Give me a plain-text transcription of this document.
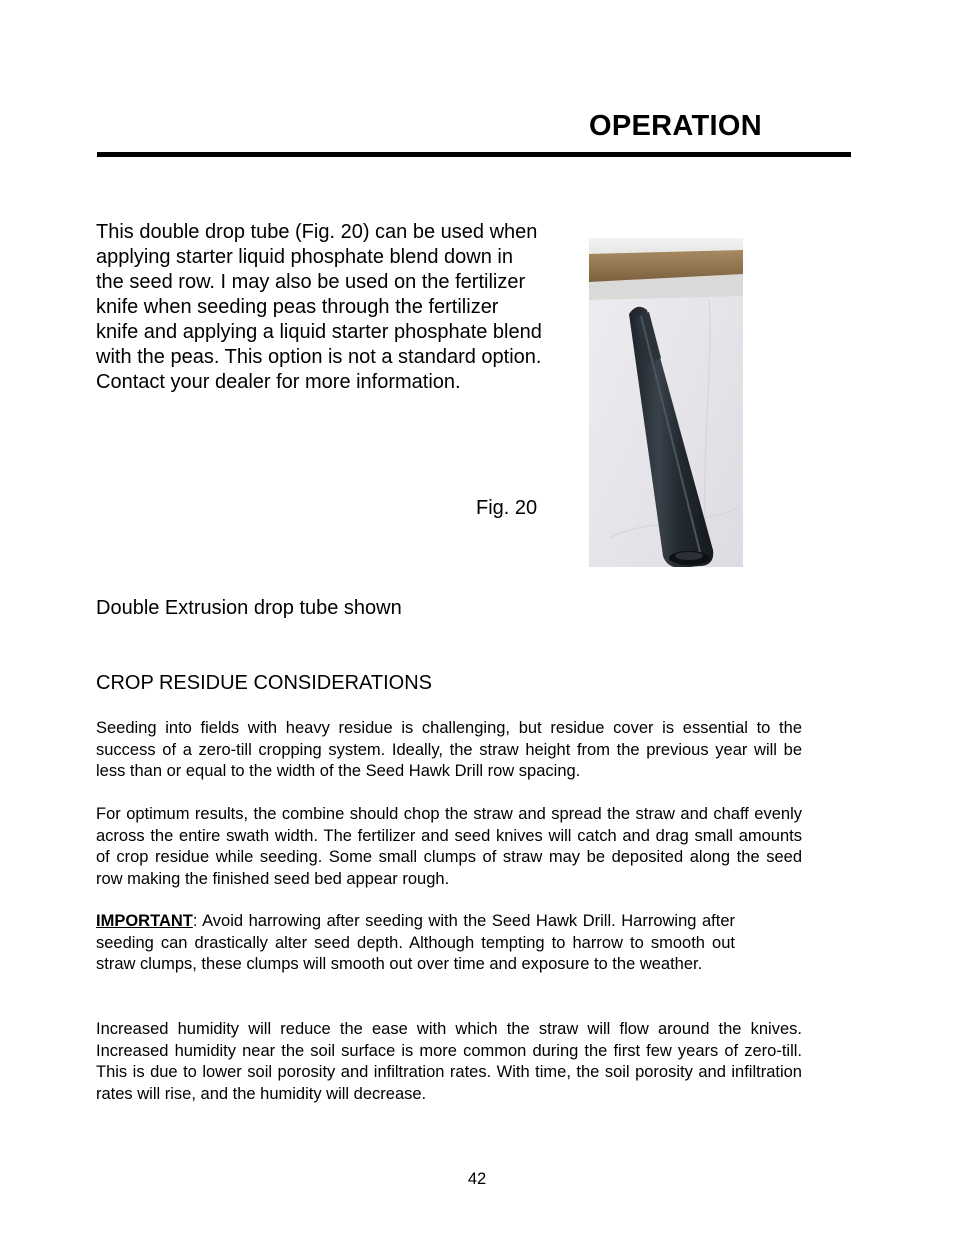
OPERATION

This double drop tube (Fig. 20) can be used when

applying starter liquid phosphate blend down in the seed row. I may also be used on the fertilizer knife when seeding peas through the fertilizer knife and applying a liquid starter phosphate blend with the peas. This option is not a standard option. Contact your dealer for more information.

Fig. 20
Double Extrusion drop tube shown
CROP RESIDUE CONSIDERATIONS

Seeding into fields with heavy residue is challenging, but residue cover is essential to the success of a zero-till cropping system. Ideally, the straw height from the previous year will be less than or equal to the width of the Seed Hawk Drill row spacing.

For optimum results, the combine should chop the straw and spread the straw and chaff evenly across the entire swath width. The fertilizer and seed knives will catch and drag small amounts of crop residue while seeding. Some small clumps of straw may be deposited along the seed row making the finished seed bed appear rough.

IMPORTANT: Avoid harrowing after seeding with the Seed Hawk Drill. Harrowing after seeding can drastically alter seed depth. Although tempting to harrow to smooth out straw clumps, these clumps will smooth out over time and exposure to the weather.

Increased humidity will reduce the ease with which the straw will flow around the knives. Increased humidity near the soil surface is more common during the first few years of zero-till. This is due to lower soil porosity and infiltration rates. With time, the soil porosity and infiltration rates will rise, and the humidity will decrease.

42
